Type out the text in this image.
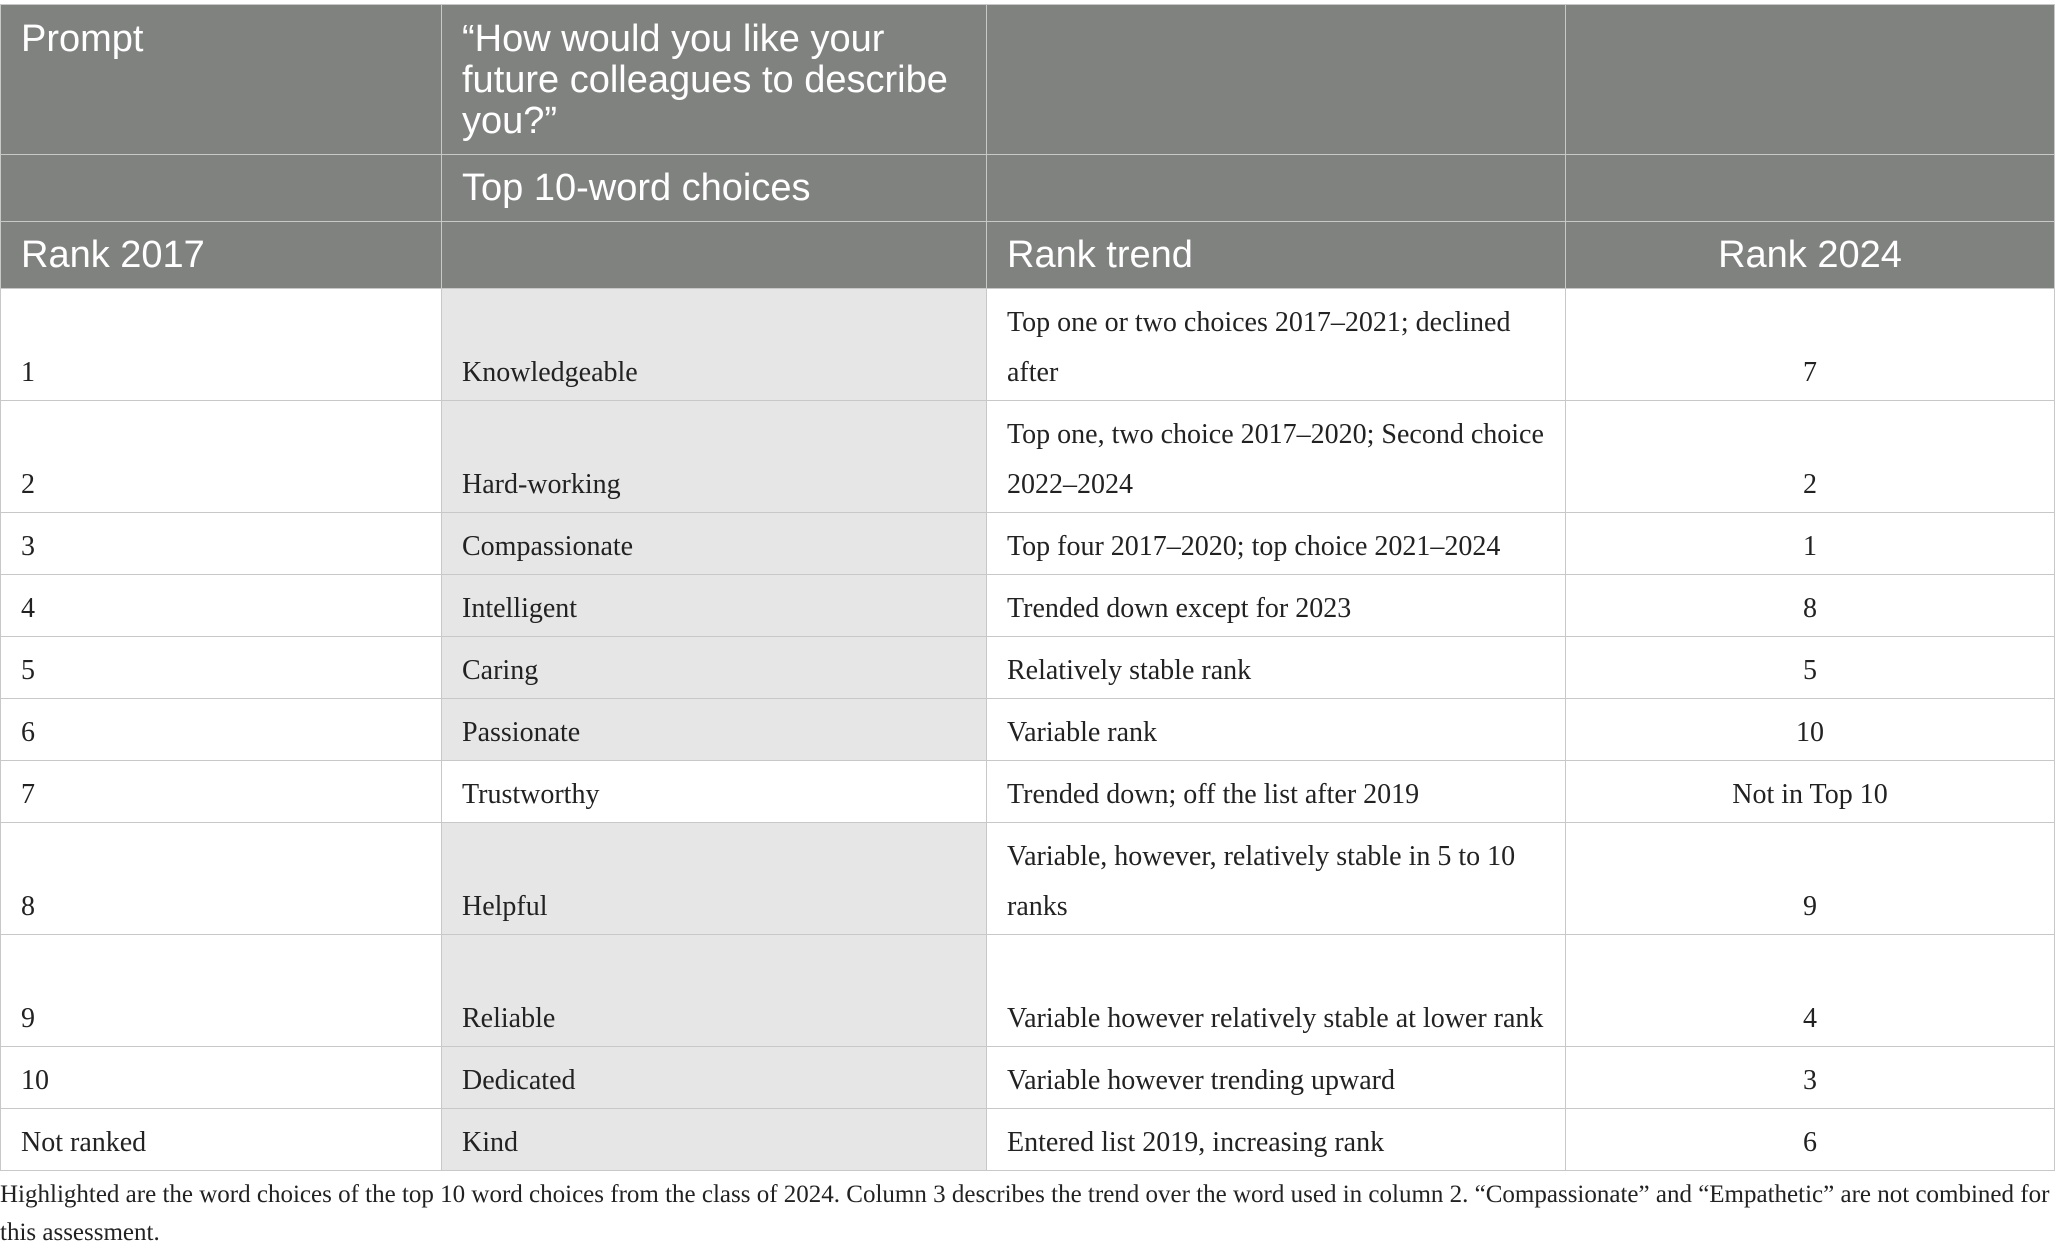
Prompt	“How would you like your future colleagues to describe you?”		
	Top 10-word choices		
Rank 2017		Rank trend	Rank 2024
1	Knowledgeable	Top one or two choices 2017–2021; declined after	7
2	Hard-working	Top one, two choice 2017–2020; Second choice 2022–2024	2
3	Compassionate	Top four 2017–2020; top choice 2021–2024	1
4	Intelligent	Trended down except for 2023	8
5	Caring	Relatively stable rank	5
6	Passionate	Variable rank	10
7	Trustworthy	Trended down; off the list after 2019	Not in Top 10
8	Helpful	Variable, however, relatively stable in 5 to 10 ranks	9
9	Reliable	Variable however relatively stable at lower rank	4
10	Dedicated	Variable however trending upward	3
Not ranked	Kind	Entered list 2019, increasing rank	6
Highlighted are the word choices of the top 10 word choices from the class of 2024. Column 3 describes the trend over the word used in column 2. “Compassionate” and “Empathetic” are not combined for this assessment.
